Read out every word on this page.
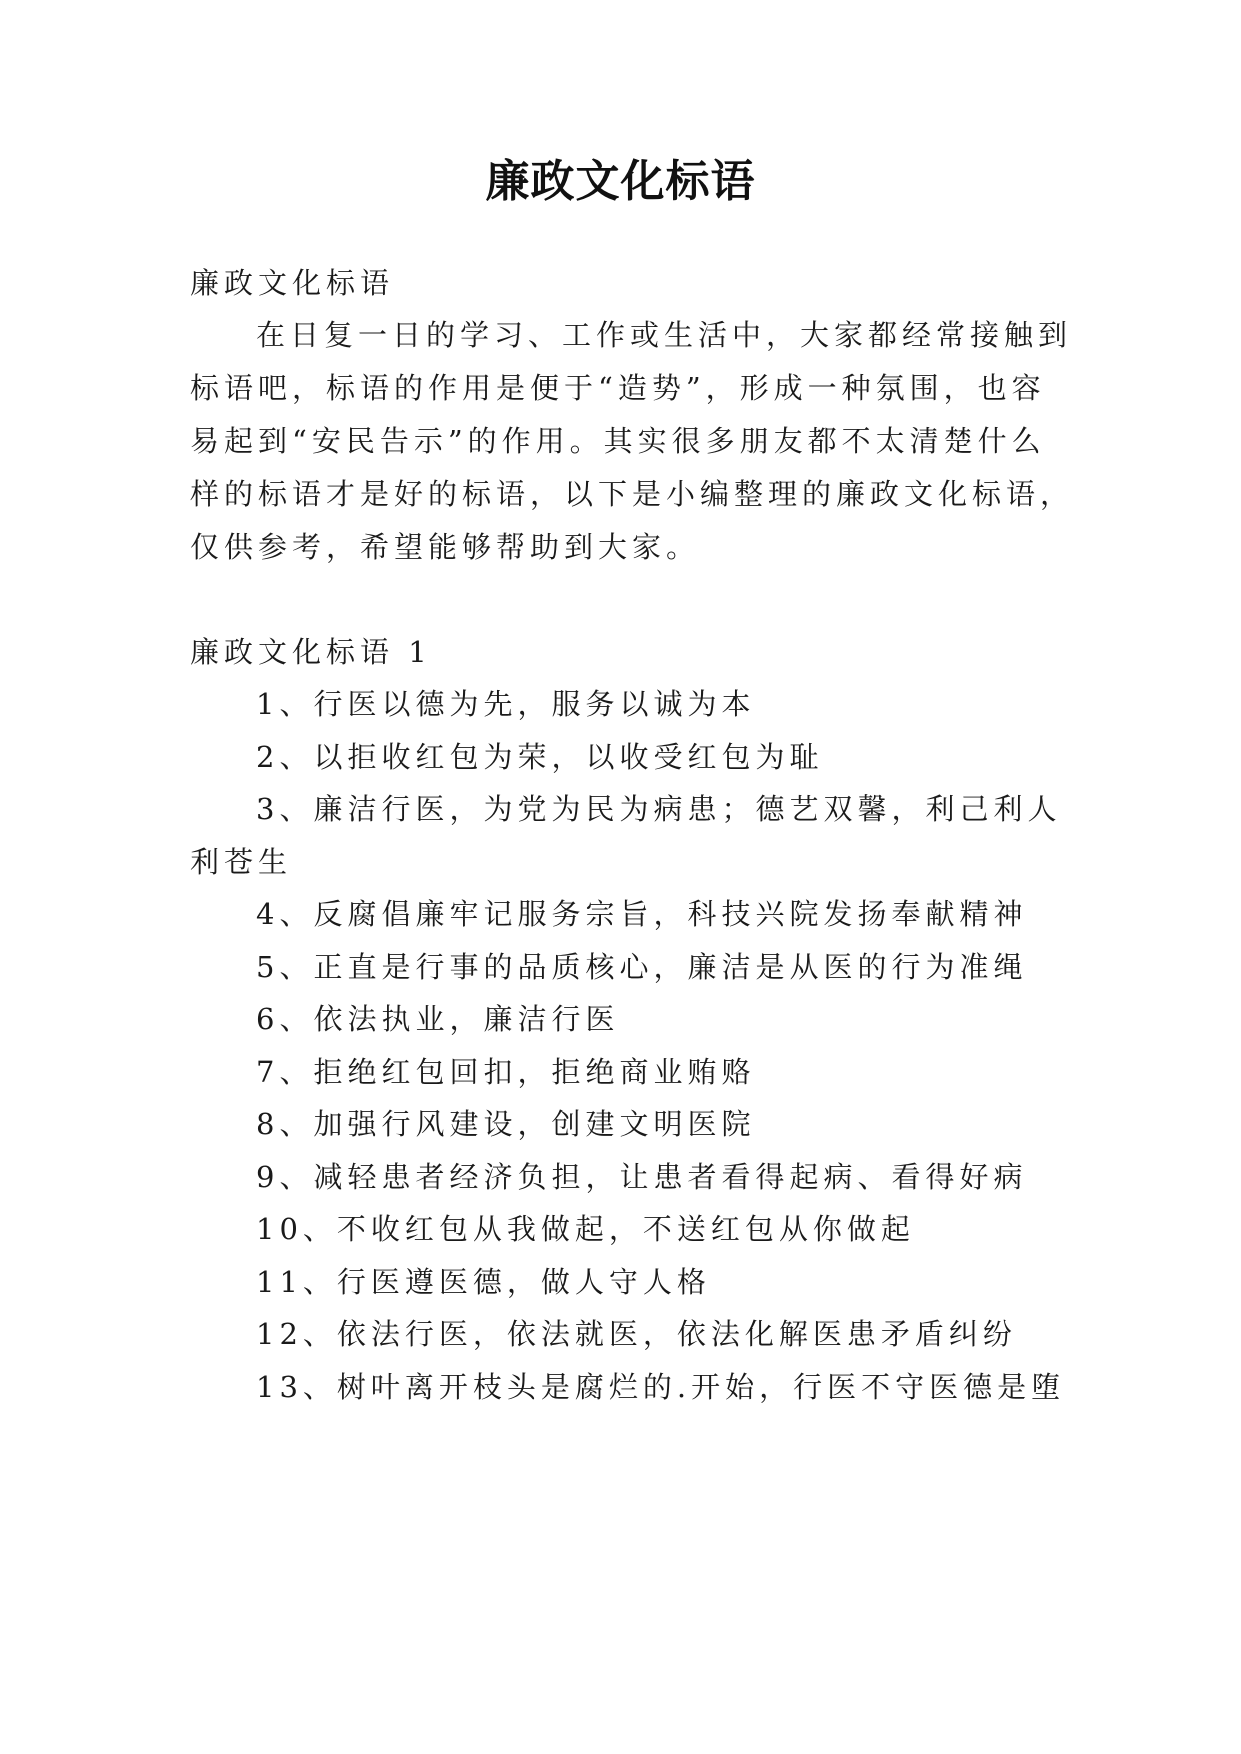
廉政文化标语
廉政文化标语
在日复一日的学习、工作或生活中，大家都经常接触到
标语吧，标语的作用是便于“造势”，形成一种氛围，也容
易起到“安民告示”的作用。其实很多朋友都不太清楚什么
样的标语才是好的标语，以下是小编整理的廉政文化标语，
仅供参考，希望能够帮助到大家。
廉政文化标语 1
1、行医以德为先，服务以诚为本
2、以拒收红包为荣，以收受红包为耻
3、廉洁行医，为党为民为病患；德艺双馨，利己利人
利苍生
4、反腐倡廉牢记服务宗旨，科技兴院发扬奉献精神
5、正直是行事的品质核心，廉洁是从医的行为准绳
6、依法执业，廉洁行医
7、拒绝红包回扣，拒绝商业贿赂
8、加强行风建设，创建文明医院
9、减轻患者经济负担，让患者看得起病、看得好病
10、不收红包从我做起，不送红包从你做起
11、行医遵医德，做人守人格
12、依法行医，依法就医，依法化解医患矛盾纠纷
13、树叶离开枝头是腐烂的.开始，行医不守医德是堕
